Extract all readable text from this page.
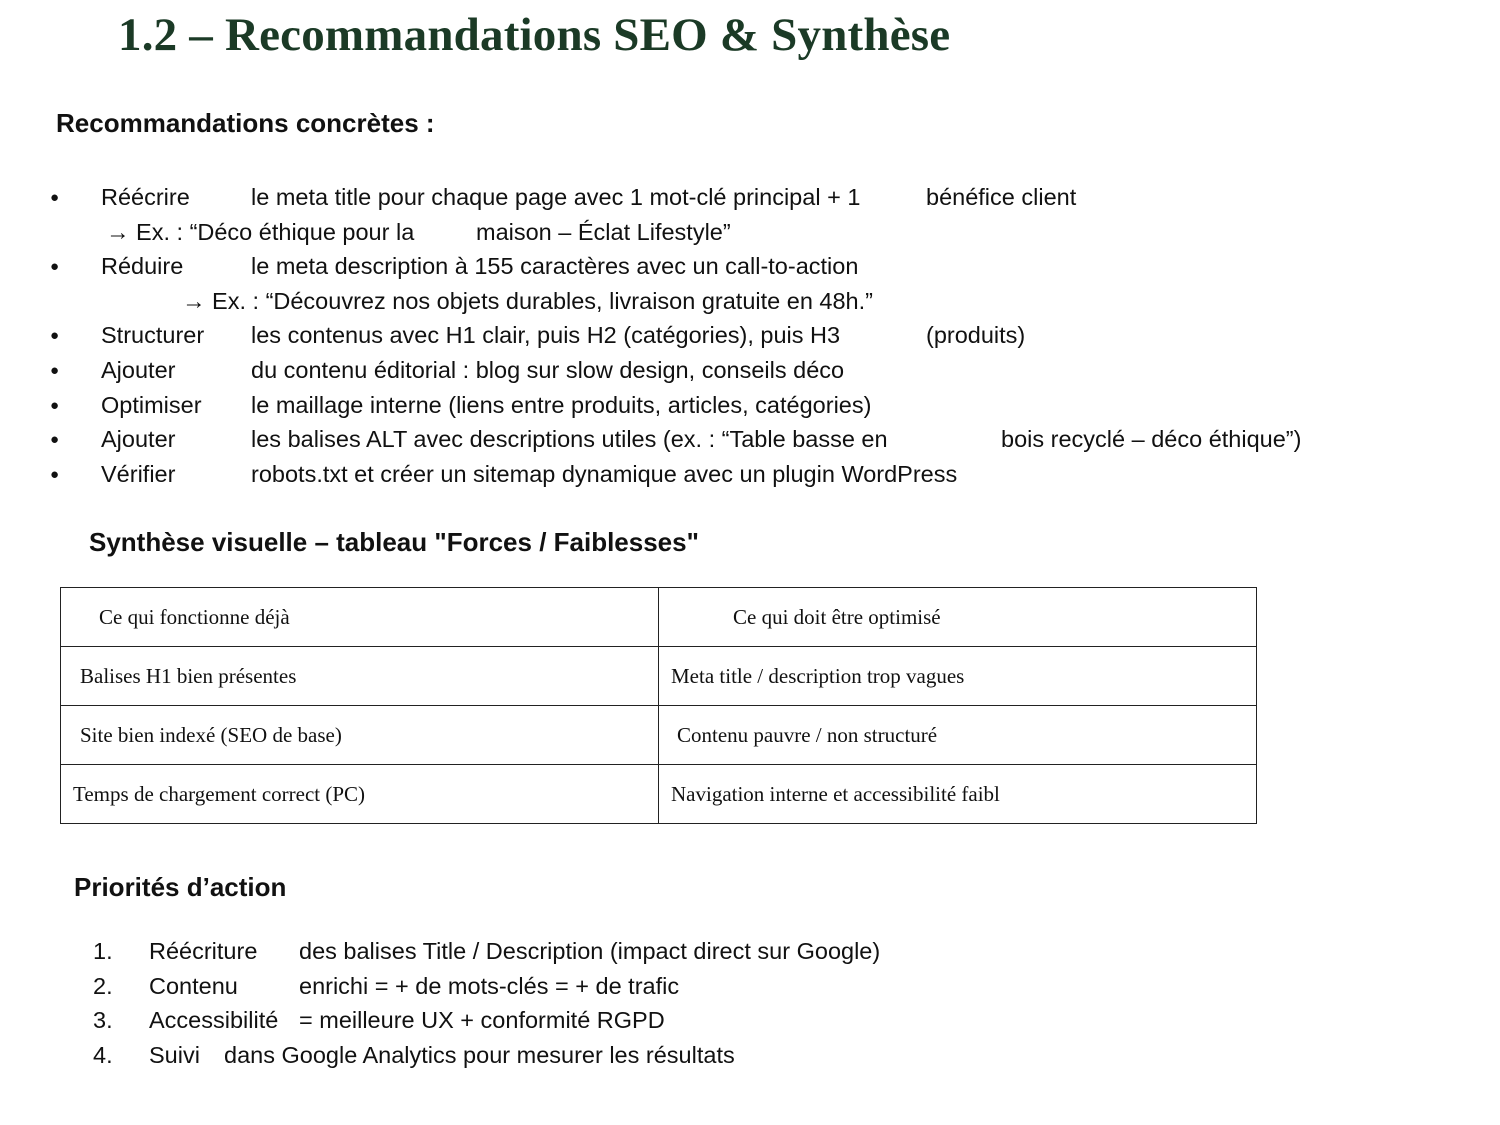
1.2 – Recommandations SEO & Synthèse
Recommandations concrètes :
● Réécrire	le meta title pour chaque page avec 1 mot-clé principal + 1	bénéfice client
→ Ex. : “Déco éthique pour la	maison – Éclat Lifestyle”
● Réduire	le meta description à 155 caractères avec un call-to-action
→ Ex. : “Découvrez nos objets durables, livraison gratuite en 48h.”
● Structurer les contenus avec H1 clair, puis H2 (catégories), puis H3	(produits)
● Ajouter	du contenu éditorial : blog sur slow design, conseils déco
● Optimiser le maillage interne (liens entre produits, articles, catégories)
● Ajouter	les balises ALT avec descriptions utiles (ex. : “Table basse en	bois recyclé – déco éthique”)
● Vérifier	robots.txt et créer un sitemap dynamique avec un plugin WordPress
Synthèse visuelle – tableau "Forces / Faiblesses"
Ce qui fonctionne déjà	Ce qui doit être optimisé
Balises H1 bien présentes	Meta title / description trop vagues
Site bien indexé (SEO de base)	Contenu pauvre / non structuré
Temps de chargement correct (PC)	Navigation interne et accessibilité faibl
Priorités d’action
1. Réécriture des balises Title / Description (impact direct sur Google)
2. Contenu	enrichi = + de mots-clés = + de trafic
3. Accessibilité = meilleure UX + conformité RGPD
4. Suivi dans Google Analytics pour mesurer les résultats
